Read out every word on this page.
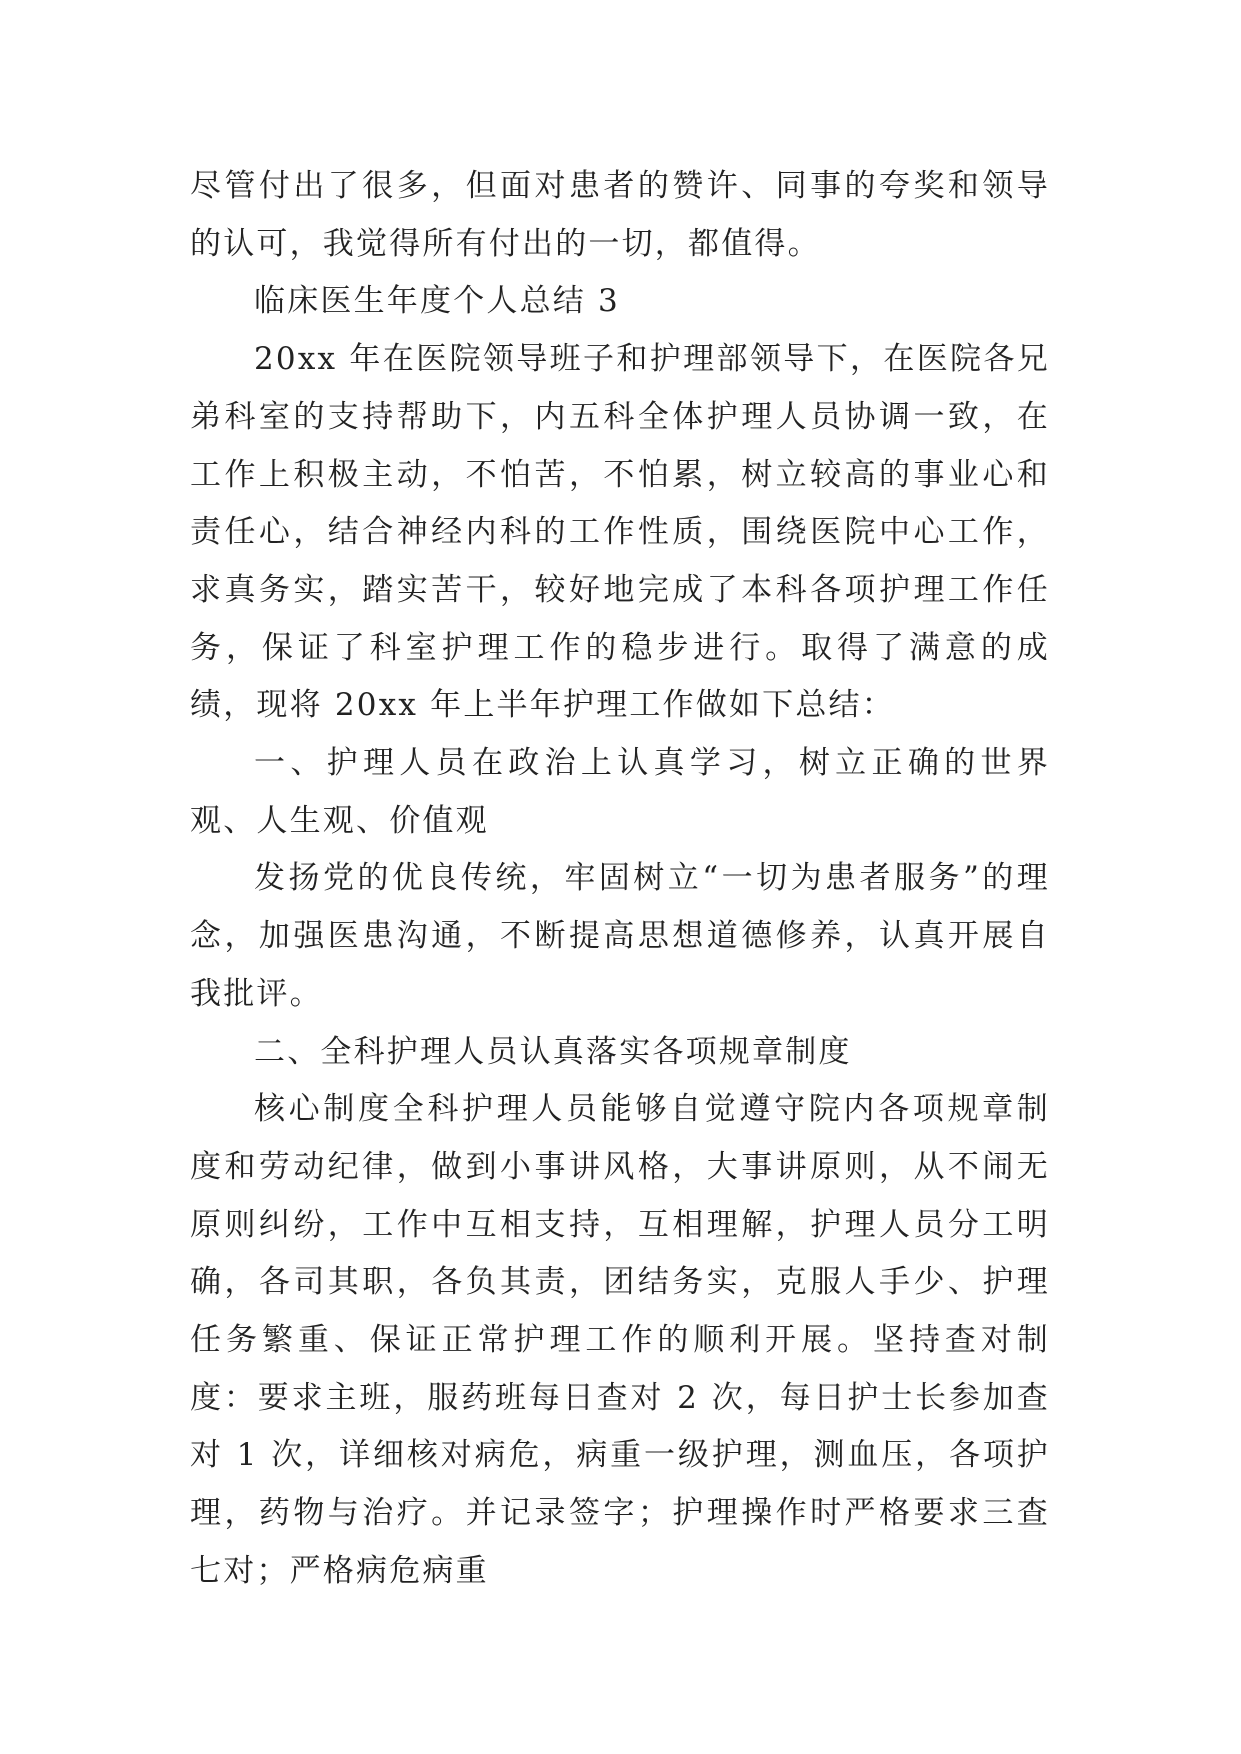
尽管付出了很多，但面对患者的赞许、同事的夸奖和领导的认可，我觉得所有付出的一切，都值得。

临床医生年度个人总结 3

20xx 年在医院领导班子和护理部领导下，在医院各兄弟科室的支持帮助下，内五科全体护理人员协调一致，在工作上积极主动，不怕苦，不怕累，树立较高的事业心和责任心，结合神经内科的工作性质，围绕医院中心工作，求真务实，踏实苦干，较好地完成了本科各项护理工作任务，保证了科室护理工作的稳步进行。取得了满意的成绩，现将 20xx 年上半年护理工作做如下总结：

一、护理人员在政治上认真学习，树立正确的世界观、人生观、价值观

发扬党的优良传统，牢固树立“一切为患者服务”的理念，加强医患沟通，不断提高思想道德修养，认真开展自我批评。

二、全科护理人员认真落实各项规章制度

核心制度全科护理人员能够自觉遵守院内各项规章制度和劳动纪律，做到小事讲风格，大事讲原则，从不闹无原则纠纷，工作中互相支持，互相理解，护理人员分工明确，各司其职，各负其责，团结务实，克服人手少、护理任务繁重、保证正常护理工作的顺利开展。坚持查对制度：要求主班，服药班每日查对 2 次，每日护士长参加查对 1 次，详细核对病危，病重一级护理，测血压，各项护理，药物与治疗。并记录签字；护理操作时严格要求三查七对；严格病危病重
